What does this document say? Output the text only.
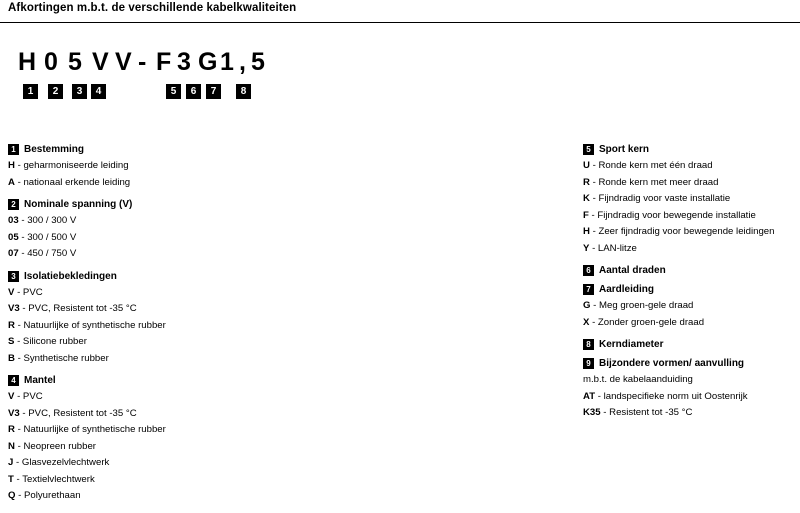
Afkortingen m.b.t. de verschillende kabelkwaliteiten
H 0 5 V V - F 3 G 1 , 5
1	2	3	4	5	6	7	8
1 Bestemming
H - geharmoniseerde leiding
A - nationaal erkende leiding
2 Nominale spanning (V)
03 - 300 / 300 V
05 - 300 / 500 V
07 - 450 / 750 V
3 Isolatiebekledingen
V - PVC
V3 - PVC, Resistent tot -35 °C
R - Natuurlijke of synthetische rubber
S - Silicone rubber
B - Synthetische rubber
4 Mantel
V - PVC
V3 - PVC, Resistent tot -35 °C
R - Natuurlijke of synthetische rubber
N - Neopreen rubber
J - Glasvezelvlechtwerk
T - Textielvlechtwerk
Q - Polyurethaan
5 Sport kern
U - Ronde kern met één draad
R - Ronde kern met meer draad
K - Fijndradig voor vaste installatie
F - Fijndradig voor bewegende installatie
H - Zeer fijndradig voor bewegende leidingen
Y - LAN-litze
6 Aantal draden
7 Aardleiding
G - Meg groen-gele draad
X - Zonder groen-gele draad
8 Kerndiameter
9 Bijzondere vormen/ aanvulling
m.b.t. de kabelaanduiding
AT - landspecifieke norm uit Oostenrijk
K35 - Resistent tot -35 °C
